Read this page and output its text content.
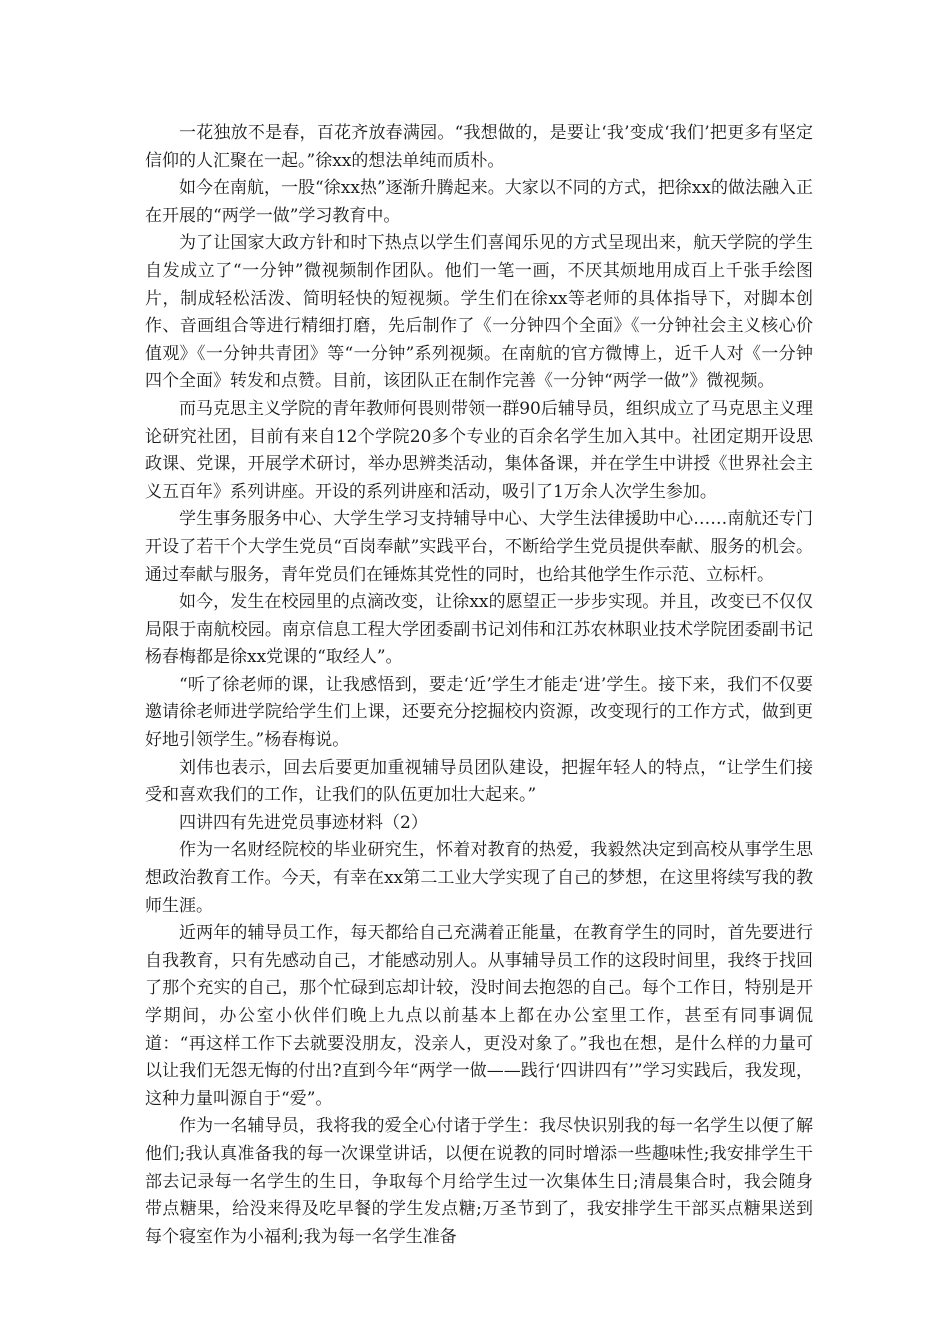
一花独放不是春，百花齐放春满园。“我想做的，是要让‘我’变成‘我们’把更多有坚定信仰的人汇聚在一起。”徐xx的想法单纯而质朴。

如今在南航，一股“徐xx热”逐渐升腾起来。大家以不同的方式，把徐xx的做法融入正在开展的“两学一做”学习教育中。

为了让国家大政方针和时下热点以学生们喜闻乐见的方式呈现出来，航天学院的学生自发成立了“一分钟”微视频制作团队。他们一笔一画，不厌其烦地用成百上千张手绘图片，制成轻松活泼、简明轻快的短视频。学生们在徐xx等老师的具体指导下，对脚本创作、音画组合等进行精细打磨，先后制作了《一分钟四个全面》《一分钟社会主义核心价值观》《一分钟共青团》等“一分钟”系列视频。在南航的官方微博上，近千人对《一分钟四个全面》转发和点赞。目前，该团队正在制作完善《一分钟“两学一做”》微视频。

而马克思主义学院的青年教师何畏则带领一群90后辅导员，组织成立了马克思主义理论研究社团，目前有来自12个学院20多个专业的百余名学生加入其中。社团定期开设思政课、党课，开展学术研讨，举办思辨类活动，集体备课，并在学生中讲授《世界社会主义五百年》系列讲座。开设的系列讲座和活动，吸引了1万余人次学生参加。

学生事务服务中心、大学生学习支持辅导中心、大学生法律援助中心……南航还专门开设了若干个大学生党员“百岗奉献”实践平台，不断给学生党员提供奉献、服务的机会。通过奉献与服务，青年党员们在锤炼其党性的同时，也给其他学生作示范、立标杆。

如今，发生在校园里的点滴改变，让徐xx的愿望正一步步实现。并且，改变已不仅仅局限于南航校园。南京信息工程大学团委副书记刘伟和江苏农林职业技术学院团委副书记杨春梅都是徐xx党课的“取经人”。

“听了徐老师的课，让我感悟到，要走‘近’学生才能走‘进’学生。接下来，我们不仅要邀请徐老师进学院给学生们上课，还要充分挖掘校内资源，改变现行的工作方式，做到更好地引领学生。”杨春梅说。

刘伟也表示，回去后要更加重视辅导员团队建设，把握年轻人的特点，“让学生们接受和喜欢我们的工作，让我们的队伍更加壮大起来。”

四讲四有先进党员事迹材料（2）

作为一名财经院校的毕业研究生，怀着对教育的热爱，我毅然决定到高校从事学生思想政治教育工作。今天，有幸在xx第二工业大学实现了自己的梦想，在这里将续写我的教师生涯。

近两年的辅导员工作，每天都给自己充满着正能量，在教育学生的同时，首先要进行自我教育，只有先感动自己，才能感动别人。从事辅导员工作的这段时间里，我终于找回了那个充实的自己，那个忙碌到忘却计较，没时间去抱怨的自己。每个工作日，特别是开学期间，办公室小伙伴们晚上九点以前基本上都在办公室里工作，甚至有同事调侃道：“再这样工作下去就要没朋友，没亲人，更没对象了。”我也在想，是什么样的力量可以让我们无怨无悔的付出?直到今年“两学一做——践行‘四讲四有’”学习实践后，我发现，这种力量叫源自于“爱”。

作为一名辅导员，我将我的爱全心付诸于学生：我尽快识别我的每一名学生以便了解他们;我认真准备我的每一次课堂讲话，以便在说教的同时增添一些趣味性;我安排学生干部去记录每一名学生的生日，争取每个月给学生过一次集体生日;清晨集合时，我会随身带点糖果，给没来得及吃早餐的学生发点糖;万圣节到了，我安排学生干部买点糖果送到每个寝室作为小福利;我为每一名学生准备
